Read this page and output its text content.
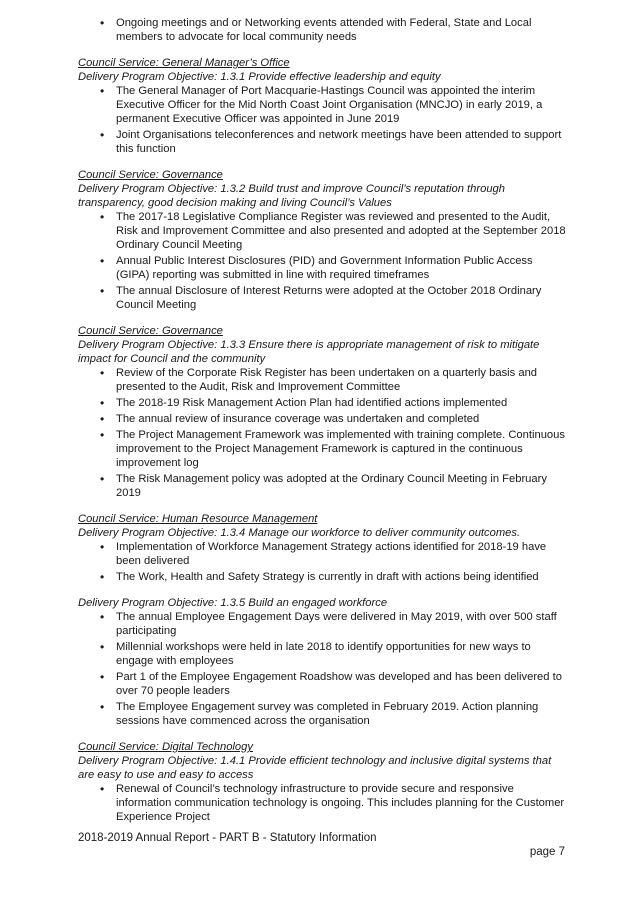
• Ongoing meetings and or Networking events attended with Federal, State and Local members to advocate for local community needs

Council Service: General Manager’s Office

Delivery Program Objective: 1.3.1 Provide effective leadership and equity

• The General Manager of Port Macquarie-Hastings Council was appointed the interim Executive Officer for the Mid North Coast Joint Organisation (MNCJO) in early 2019, a permanent Executive Officer was appointed in June 2019
• Joint Organisations teleconferences and network meetings have been attended to support this function

Council Service: Governance

Delivery Program Objective: 1.3.2 Build trust and improve Council’s reputation through transparency, good decision making and living Council’s Values

• The 2017-18 Legislative Compliance Register was reviewed and presented to the Audit, Risk and Improvement Committee and also presented and adopted at the September 2018 Ordinary Council Meeting
• Annual Public Interest Disclosures (PID) and Government Information Public Access (GIPA) reporting was submitted in line with required timeframes
• The annual Disclosure of Interest Returns were adopted at the October 2018 Ordinary Council Meeting

Council Service: Governance

Delivery Program Objective: 1.3.3 Ensure there is appropriate management of risk to mitigate impact for Council and the community

• Review of the Corporate Risk Register has been undertaken on a quarterly basis and presented to the Audit, Risk and Improvement Committee
• The 2018-19 Risk Management Action Plan had identified actions implemented
• The annual review of insurance coverage was undertaken and completed
• The Project Management Framework was implemented with training complete. Continuous improvement to the Project Management Framework is captured in the continuous improvement log
• The Risk Management policy was adopted at the Ordinary Council Meeting in February 2019

Council Service: Human Resource Management

Delivery Program Objective: 1.3.4 Manage our workforce to deliver community outcomes.

• Implementation of Workforce Management Strategy actions identified for 2018-19 have been delivered
• The Work, Health and Safety Strategy is currently in draft with actions being identified

Delivery Program Objective: 1.3.5 Build an engaged workforce

• The annual Employee Engagement Days were delivered in May 2019, with over 500 staff participating
• Millennial workshops were held in late 2018 to identify opportunities for new ways to engage with employees
• Part 1 of the Employee Engagement Roadshow was developed and has been delivered to over 70 people leaders
• The Employee Engagement survey was completed in February 2019. Action planning sessions have commenced across the organisation

Council Service: Digital Technology

Delivery Program Objective: 1.4.1 Provide efficient technology and inclusive digital systems that are easy to use and easy to access

• Renewal of Council’s technology infrastructure to provide secure and responsive information communication technology is ongoing. This includes planning for the Customer Experience Project
2018-2019 Annual Report - PART B - Statutory Information
page 7
